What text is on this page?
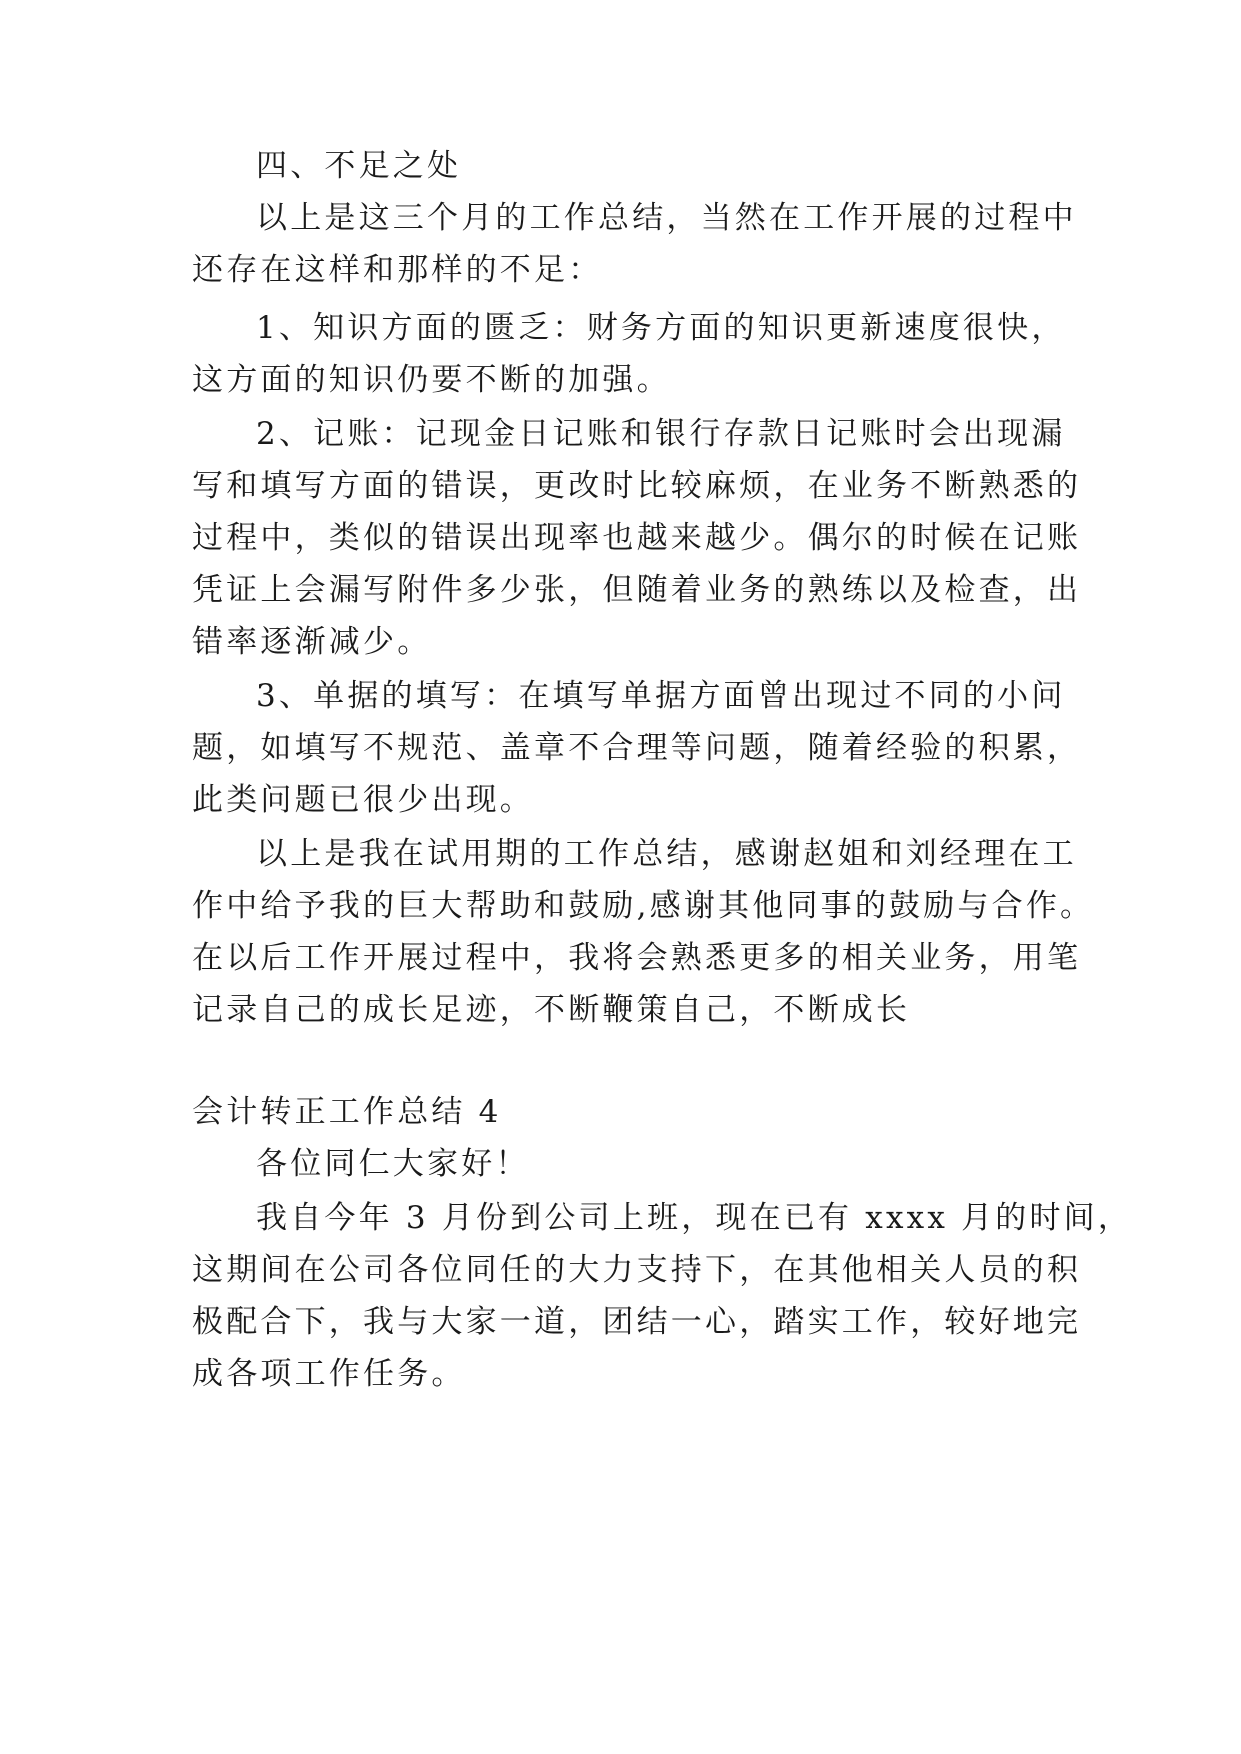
四、不足之处
以上是这三个月的工作总结，当然在工作开展的过程中
还存在这样和那样的不足：
1、知识方面的匮乏：财务方面的知识更新速度很快，
这方面的知识仍要不断的加强。
2、记账：记现金日记账和银行存款日记账时会出现漏
写和填写方面的错误，更改时比较麻烦，在业务不断熟悉的
过程中，类似的错误出现率也越来越少。偶尔的时候在记账
凭证上会漏写附件多少张，但随着业务的熟练以及检查，出
错率逐渐减少。
3、单据的填写：在填写单据方面曾出现过不同的小问
题，如填写不规范、盖章不合理等问题，随着经验的积累，
此类问题已很少出现。
以上是我在试用期的工作总结，感谢赵姐和刘经理在工
作中给予我的巨大帮助和鼓励,感谢其他同事的鼓励与合作。
在以后工作开展过程中，我将会熟悉更多的相关业务，用笔
记录自己的成长足迹，不断鞭策自己，不断成长
会计转正工作总结 4
各位同仁大家好！
我自今年 3 月份到公司上班，现在已有 xxxx 月的时间，
这期间在公司各位同任的大力支持下，在其他相关人员的积
极配合下，我与大家一道，团结一心，踏实工作，较好地完
成各项工作任务。
